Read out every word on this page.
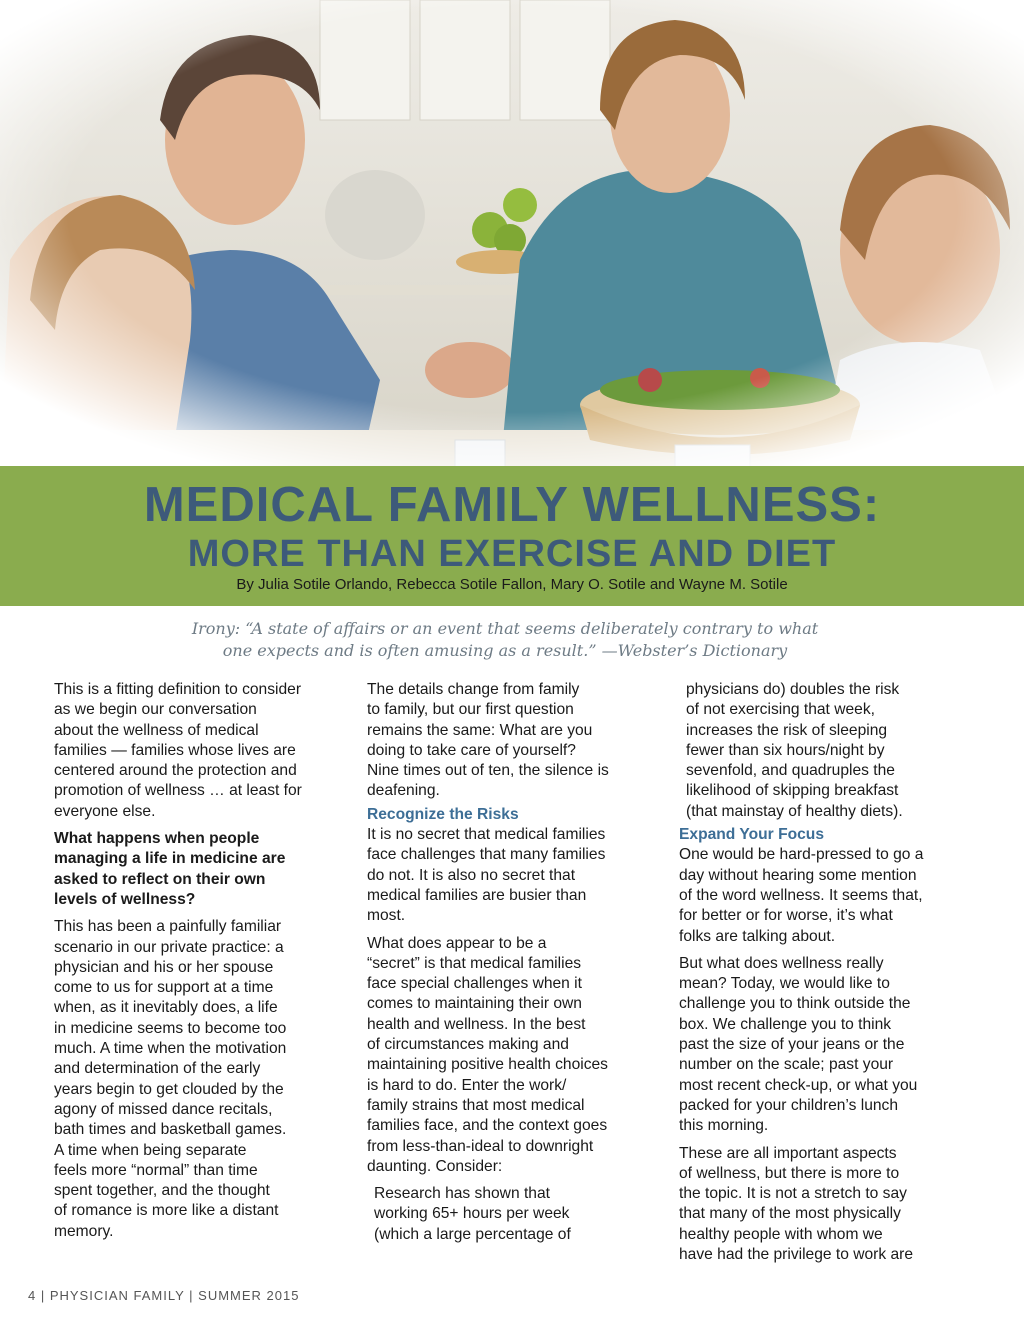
MEDICAL FAMILY WELLNESS:
MORE THAN EXERCISE AND DIET
By Julia Sotile Orlando, Rebecca Sotile Fallon, Mary O. Sotile and Wayne M. Sotile
Irony: “A state of affairs or an event that seems deliberately contrary to what
one expects and is often amusing as a result.” —Webster’s Dictionary
This is a fitting definition to consider
as we begin our conversation
about the wellness of medical
families — families whose lives are
centered around the protection and
promotion of wellness … at least for
everyone else.
What happens when people
managing a life in medicine are
asked to reflect on their own
levels of wellness?
This has been a painfully familiar
scenario in our private practice: a
physician and his or her spouse
come to us for support at a time
when, as it inevitably does, a life
in medicine seems to become too
much. A time when the motivation
and determination of the early
years begin to get clouded by the
agony of missed dance recitals,
bath times and basketball games.
A time when being separate
feels more “normal” than time
spent together, and the thought
of romance is more like a distant
memory.
The details change from family
to family, but our first question
remains the same: What are you
doing to take care of yourself?
Nine times out of ten, the silence is
deafening.
Recognize the Risks
It is no secret that medical families
face challenges that many families
do not. It is also no secret that
medical families are busier than
most.
What does appear to be a
“secret” is that medical families
face special challenges when it
comes to maintaining their own
health and wellness. In the best
of circumstances making and
maintaining positive health choices
is hard to do. Enter the work/
family strains that most medical
families face, and the context goes
from less-than-ideal to downright
daunting. Consider:
Research has shown that
working 65+ hours per week
(which a large percentage of
physicians do) doubles the risk
of not exercising that week,
increases the risk of sleeping
fewer than six hours/night by
sevenfold, and quadruples the
likelihood of skipping breakfast
(that mainstay of healthy diets).
Expand Your Focus
One would be hard-pressed to go a
day without hearing some mention
of the word wellness. It seems that,
for better or for worse, it’s what
folks are talking about.
But what does wellness really
mean? Today, we would like to
challenge you to think outside the
box. We challenge you to think
past the size of your jeans or the
number on the scale; past your
most recent check-up, or what you
packed for your children’s lunch
this morning.
These are all important aspects
of wellness, but there is more to
the topic. It is not a stretch to say
that many of the most physically
healthy people with whom we
have had the privilege to work are
4 | PHYSICIAN FAMILY | SUMMER 2015
